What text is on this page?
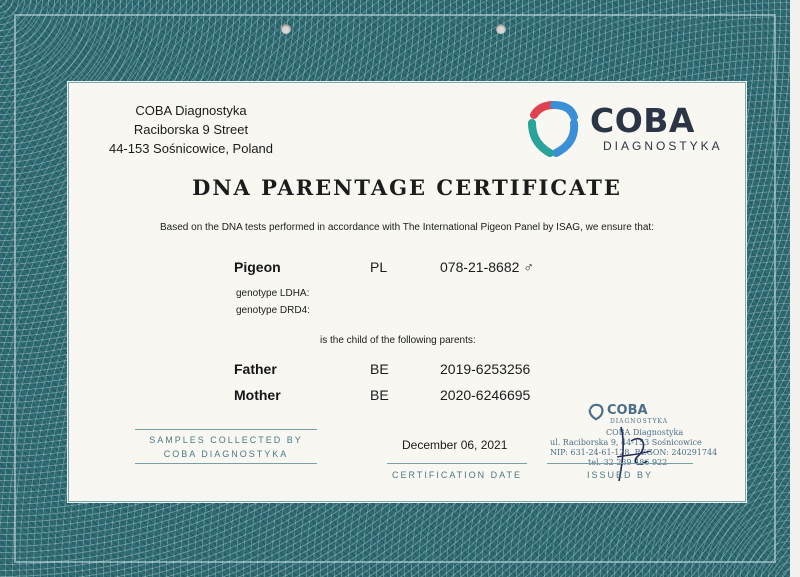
COBA Diagnostyka
Raciborska 9 Street
44-153 Sośnicowice, Poland
COBA
DIAGNOSTYKA
DNA PARENTAGE CERTIFICATE
Based on the DNA tests performed in accordance with The International Pigeon Panel by ISAG, we ensure that:
Pigeon	PL	078-21-8682 ♂
genotype LDHA:
genotype DRD4:
is the child of the following parents:
Father	BE	2019-6253256
Mother	BE	2020-6246695
SAMPLES COLLECTED BY
COBA DIAGNOSTYKA
December 06, 2021
CERTIFICATION DATE
COBA
DIAGNOSTYKA
COBA Diagnostyka
ul. Raciborska 9, 44-153 Sośnicowice
NIP: 631-24-61-128, REGON: 240291744
tel. 32 239 486 922
ISSUED BY
